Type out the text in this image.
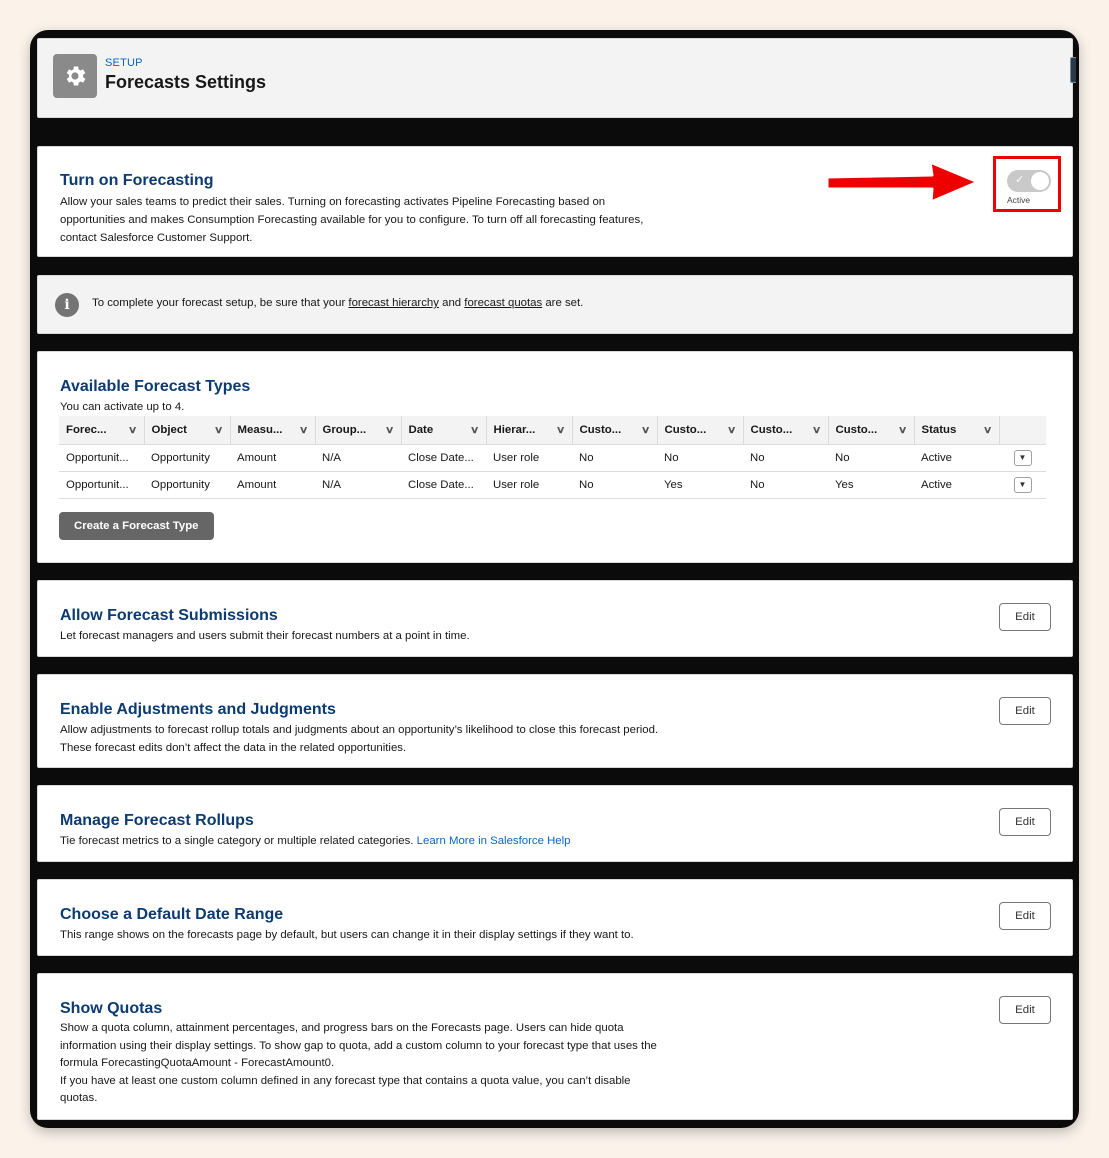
SETUP
Forecasts Settings
Turn on Forecasting
Allow your sales teams to predict their sales. Turning on forecasting activates Pipeline Forecasting based on
opportunities and makes Consumption Forecasting available for you to configure. To turn off all forecasting features,
contact Salesforce Customer Support.
✓
Active
i	To complete your forecast setup, be sure that your forecast hierarchy and forecast quotas are set.
Available Forecast Types
You can activate up to 4.
Forec... ∨	Object ∨	Measu... ∨	Group... ∨	Date ∨	Hierar... ∨	Custo... ∨	Custo... ∨	Custo... ∨	Custo... ∨	Status ∨	

Opportunit...	Opportunity	Amount	N/A	Close Date...	User role	No	No	No	No	Active	▼
Opportunit...	Opportunity	Amount	N/A	Close Date...	User role	No	Yes	No	Yes	Active	▼
Create a Forecast Type
Allow Forecast Submissions
Let forecast managers and users submit their forecast numbers at a point in time.
Edit
Enable Adjustments and Judgments
Allow adjustments to forecast rollup totals and judgments about an opportunity’s likelihood to close this forecast period.
These forecast edits don’t affect the data in the related opportunities.
Edit
Manage Forecast Rollups
Tie forecast metrics to a single category or multiple related categories. Learn More in Salesforce Help
Edit
Choose a Default Date Range
This range shows on the forecasts page by default, but users can change it in their display settings if they want to.
Edit
Show Quotas
Show a quota column, attainment percentages, and progress bars on the Forecasts page. Users can hide quota
information using their display settings. To show gap to quota, add a custom column to your forecast type that uses the
formula ForecastingQuotaAmount - ForecastAmount0.
If you have at least one custom column defined in any forecast type that contains a quota value, you can’t disable
quotas.
Edit
